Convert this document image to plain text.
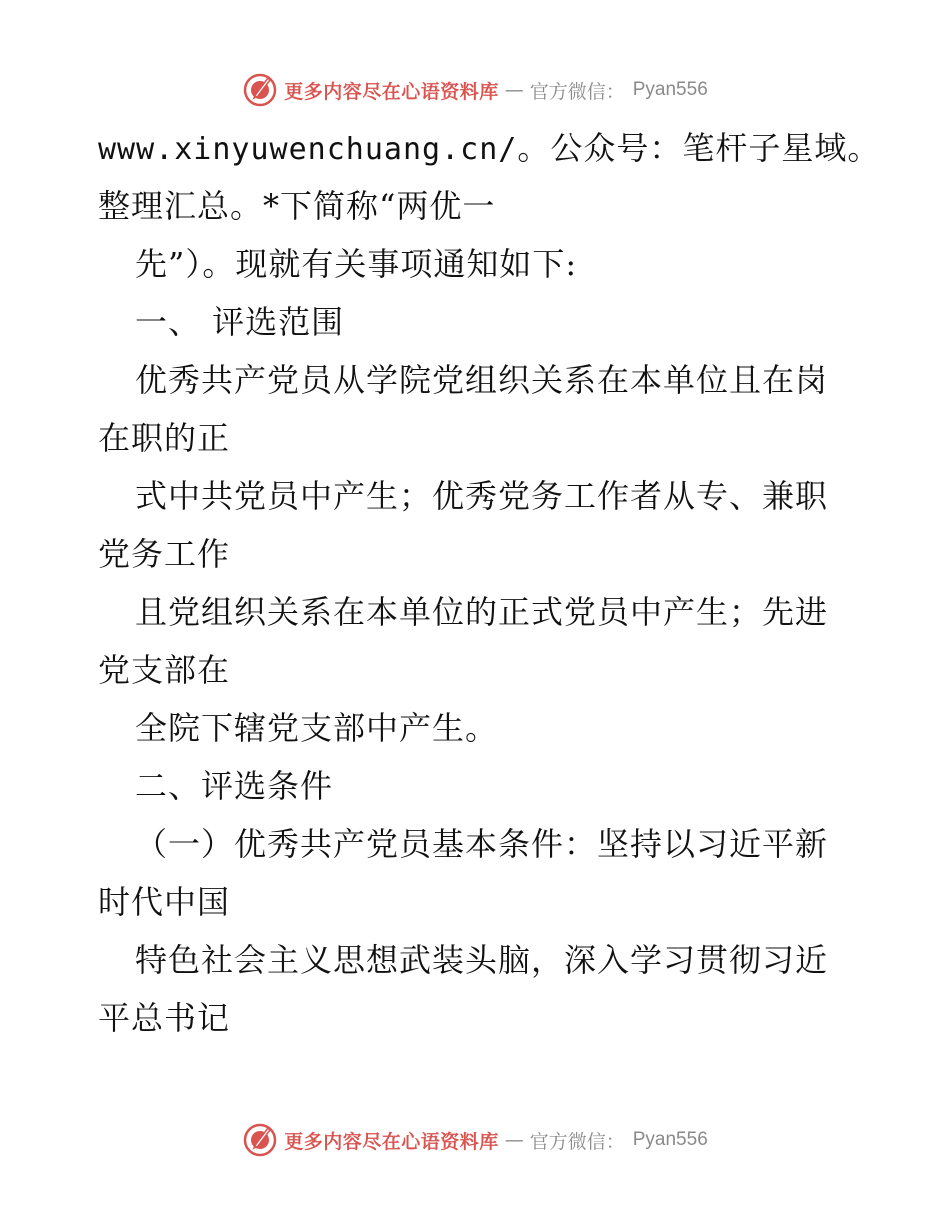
更多内容尽在心语资料库 — 官方微信： Pyan556
www.xinyuwenchuang.cn/。公众号：笔杆子星域。
整理汇总。*下简称“两优一
先”）。现就有关事项通知如下:
一、 评选范围
优秀共产党员从学院党组织关系在本单位且在岗
在职的正
式中共党员中产生；优秀党务工作者从专、兼职
党务工作
且党组织关系在本单位的正式党员中产生；先进
党支部在
全院下辖党支部中产生。
二、评选条件
（一）优秀共产党员基本条件：坚持以习近平新
时代中国
特色社会主义思想武装头脑，深入学习贯彻习近
平总书记
更多内容尽在心语资料库 — 官方微信： Pyan556
